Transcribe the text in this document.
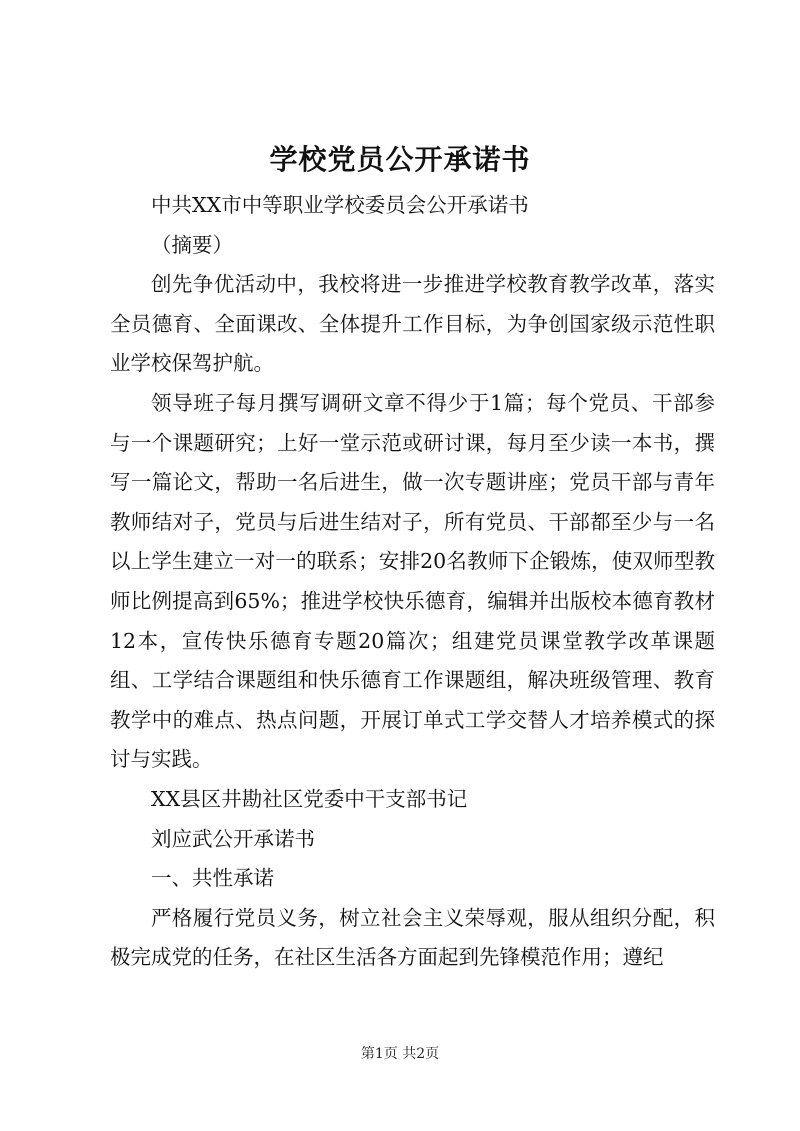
学校党员公开承诺书

中共XX市中等职业学校委员会公开承诺书

（摘要）

创先争优活动中，我校将进一步推进学校教育教学改革，落实全员德育、全面课改、全体提升工作目标，为争创国家级示范性职业学校保驾护航。

领导班子每月撰写调研文章不得少于1篇；每个党员、干部参与一个课题研究；上好一堂示范或研讨课，每月至少读一本书，撰写一篇论文，帮助一名后进生，做一次专题讲座；党员干部与青年教师结对子，党员与后进生结对子，所有党员、干部都至少与一名以上学生建立一对一的联系；安排20名教师下企锻炼，使双师型教师比例提高到65%；推进学校快乐德育，编辑并出版校本德育教材12本，宣传快乐德育专题20篇次；组建党员课堂教学改革课题组、工学结合课题组和快乐德育工作课题组，解决班级管理、教育教学中的难点、热点问题，开展订单式工学交替人才培养模式的探讨与实践。

XX县区井勘社区党委中干支部书记

刘应武公开承诺书

一、共性承诺

严格履行党员义务，树立社会主义荣辱观，服从组织分配，积极完成党的任务，在社区生活各方面起到先锋模范作用；遵纪

第1页 共2页
